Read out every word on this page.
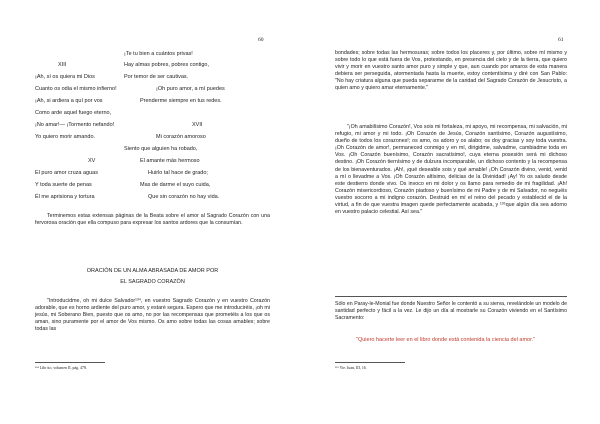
60
¡Te tu bien a cuántos privas!
XIII	Hay almas pobres, pobres contigo,
¡Ah, sí os quiera mi Dios	Por temor de ser cautivas.
Cuanto os odia el mismo infierno!	¡Oh puro amor, a mí puedes
¡Ah, si ardiera a quí por vos	Prenderme siempre en tus redes.
Como arde aquel fuego eterno,
¡No amar!— ¡Tormento nefando!	XVII
Yo quiero morir amando.	Mi corazón amoroso
Siento que alguien ha robado,
XV	El amante más hermoso
El puro amor cruza aguas	Huirlo tal hace de grado;
Y toda suerte de penas	Mas de darme el suyo cuida,
Él me aprisiona y tortura	Que sin corazón no hay vida.
Terminemos estas extensas páginas de la Beata sobre el amor al Sagrado Corazón con una fervorosa oración que ella compuso para expresar los santos ardores que la consumían.
ORACIÓN DE UN ALMA ABRASADA DE AMOR POR
EL SAGRADO CORAZÓN
"Introducidme, oh mi dulce Salvador¹³⁴, en vuestro Sagrado Corazón y en vuestro Corazón adorable, que es horno ardiente del puro amor, y estaré segura. Espero que me introduciréis, ¡oh mi jesús, mi Soberano Bien, puesto que os amo, no por las recompensas que prometéis a los que os aman, sino puramente por el amor de Vos mismo. Os amo sobre todas las cosas amables; sobre todas las
¹³⁴ Libr ito, volumen II, pág. 478.
61
bondades; sobre todas las hermosuras; sobre todos los placeres y, por último, sobre mí mismo y sobre todo lo que está fuera de Vos, protestando, en presencia del cielo y de la tierra, que quiero vivir y morir en vuestro santo amor puro y simple y que, aun cuando por amaros de esta manera debiera ser perseguida, atormentada hasta la muerte, estoy contentísima y diré con San Pablo: "No hay criatura alguna que pueda separarme de la caridad del Sagrado Corazón de Jesucristo, a quien amo y quiero amar eternamente."
"¡Oh amabilísimo Corazón!, Vos sois mi fortaleza, mi apoyo, mi recompensa, mi salvación, mi refugio, mi amor y mi todo. ¡Oh Corazón de Jesús, Corazón santísimo, Corazón augustísimo, dueño de todos los corazones!; os amo, os adoro y os alabo; os doy gracias y soy toda vuestra. ¡Oh Corazón de amor!, permaneced conmigo y en mí, dirigidme, salvadme, cambiadme toda en Vos. ¡Oh Corazón buenísimo, Corazón sacratísimo!, cuya eterna posesión será mi dichoso destino. ¡Oh Corazón tiernísimo y de dulzura incomparable, un dichoso contento y la recompensa de los bienaventurados. ¡Ah!, ¡qué deseable sois y qué amable! ¡Oh Corazón divino, venid, venid a mí o llevadme a Vos. ¡Oh Corazón altísimo, delicias de la Divinidad! ¡Ay! Yo os saludo desde este destierro donde vivo. Os invoco en mi dolor y os llamo para remedio de mi fragilidad. ¡Ah! Corazón misericordioso, Corazón piadoso y buenísimo de mi Padre y de mi Salvador, no neguéis vuestro socorro a mi indigno corazón. Destruid en mí el reino del pecado y establecid el de la virtud, a fin de que vuestra imagen quede perfectamente acabada, y ¹³⁵que algún día sea adorno en vuestro palacio celestial. Así sea."
Sólo en Paray-le-Monial fue donde Nuestro Señor le contentó a su sierva, revelándole un modelo de santidad perfecto y fácil a la vez. Le dijo un día al mostrarle su Corazón viviendo en el Santísimo Sacramento:
"Quiero hacerte leer en el libro donde está contenida la ciencia del amor."
¹³⁵ Vie. Juan, III, 16.
